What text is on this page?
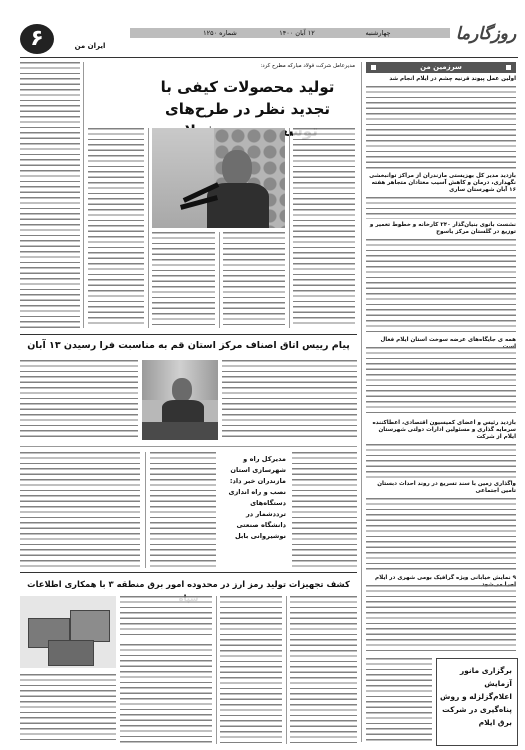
روزگارما
چهارشنبه
۱۲ آبان ۱۴۰۰
شماره ۱۲۵۰
ایران من
۶
سرزمین من
اولین عمل پیوند قرنیه چشم در ایلام انجام شد
بازدید مدیر کل بهزیستی مازندران از مراکز توانبخشی نگهداری، درمان و کاهش آسیب معتادان متجاهر هفته ۱۶ آبان شهرستان ساری
نشست بانوی بنیان‌گذار ۲۴۰ کارخانه و خطوط تعمیر و توزیع در گلستان مرکز یاسوج
همه ی جایگاه‌های عرضه سوخت استان ایلام فعال
بازدید رئیس و اعضای کمیسیون اقتصادی، اعطاکننده سرمایه گذاری و مسئولین ادارات دولتی شهرستان ایلام از شرکت
واگذاری زمین با سند تسریع در روند احداث دبستان تامین اجتماعی
۹ نمایش خیابانی ویژه گرافیک بومی شهری در ایلام
برگزاری مانور آزمایش اعلام‌گزلزله و روش پناه‌گیری در شرکت برق ایلام
مدیرعامل شرکت فولاد مبارکه مطرح کرد:
تولید محصولات کیفی با تجدید نظر در طرح‌های
پیام رییس اتاق اصناف مرکز استان قم به مناسبت فرا رسیدن ۱۳ آبان
مدیرکل راه و شهرسازی استان مازندران خبر داد: نصب و راه اندازی دستگاه‌های ترددشمار در دانشگاه صنعتی نوشیروانی بابل
کشف تجهیزات تولید رمز ارز در محدوده امور برق منطقه ۳ با همکاری اطلاعات
